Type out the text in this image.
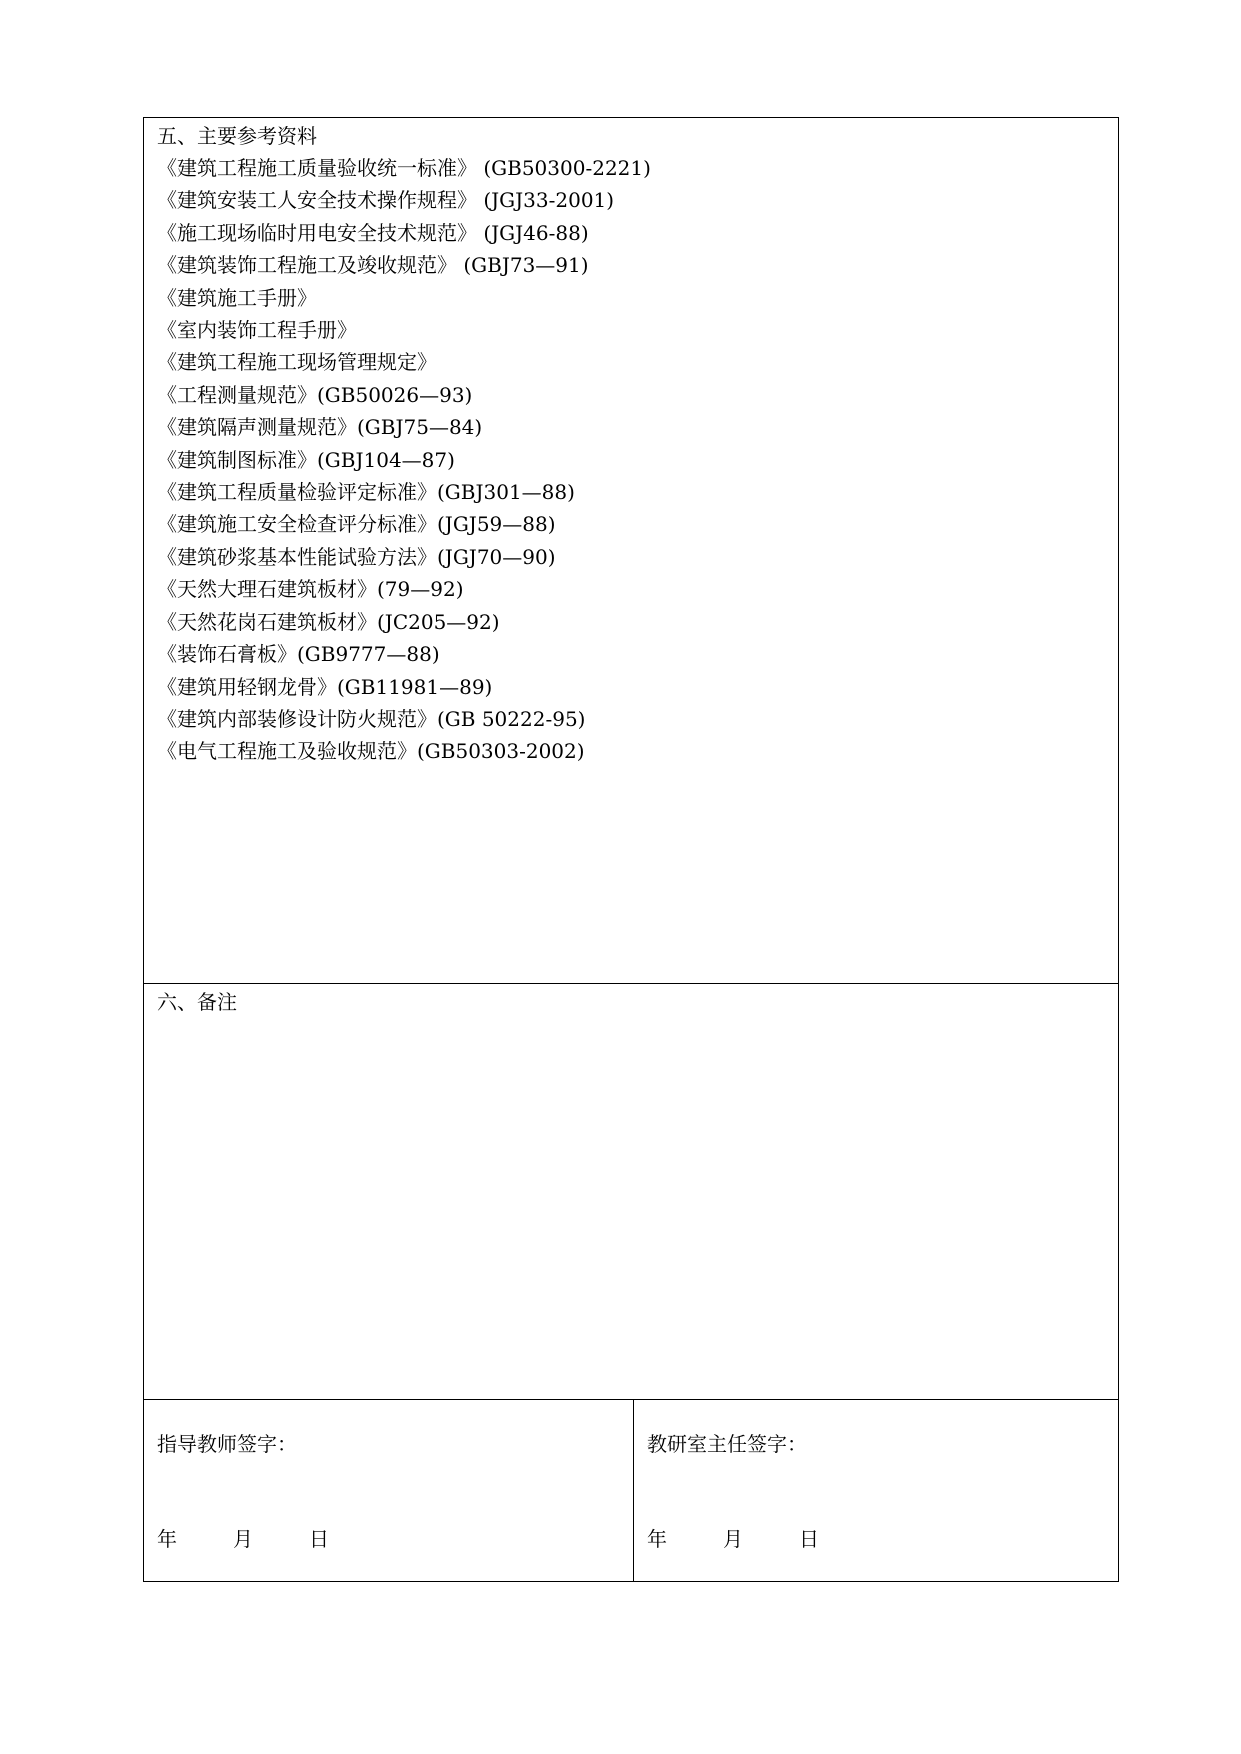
五、主要参考资料
《建筑工程施工质量验收统一标准》 (GB50300-2221)
《建筑安装工人安全技术操作规程》 (JGJ33-2001)
《施工现场临时用电安全技术规范》 (JGJ46-88)
《建筑装饰工程施工及竣收规范》 (GBJ73—91)
《建筑施工手册》
《室内装饰工程手册》
《建筑工程施工现场管理规定》
《工程测量规范》(GB50026—93)
《建筑隔声测量规范》(GBJ75—84)
《建筑制图标准》(GBJ104—87)
《建筑工程质量检验评定标准》(GBJ301—88)
《建筑施工安全检查评分标准》(JGJ59—88)
《建筑砂浆基本性能试验方法》(JGJ70—90)
《天然大理石建筑板材》(79—92)
《天然花岗石建筑板材》(JC205—92)
《装饰石膏板》(GB9777—88)
《建筑用轻钢龙骨》(GB11981—89)
《建筑内部装修设计防火规范》(GB 50222-95)
《电气工程施工及验收规范》(GB50303-2002)
六、备注
指导教师签字：
年	月	日
教研室主任签字：
年	月	日
